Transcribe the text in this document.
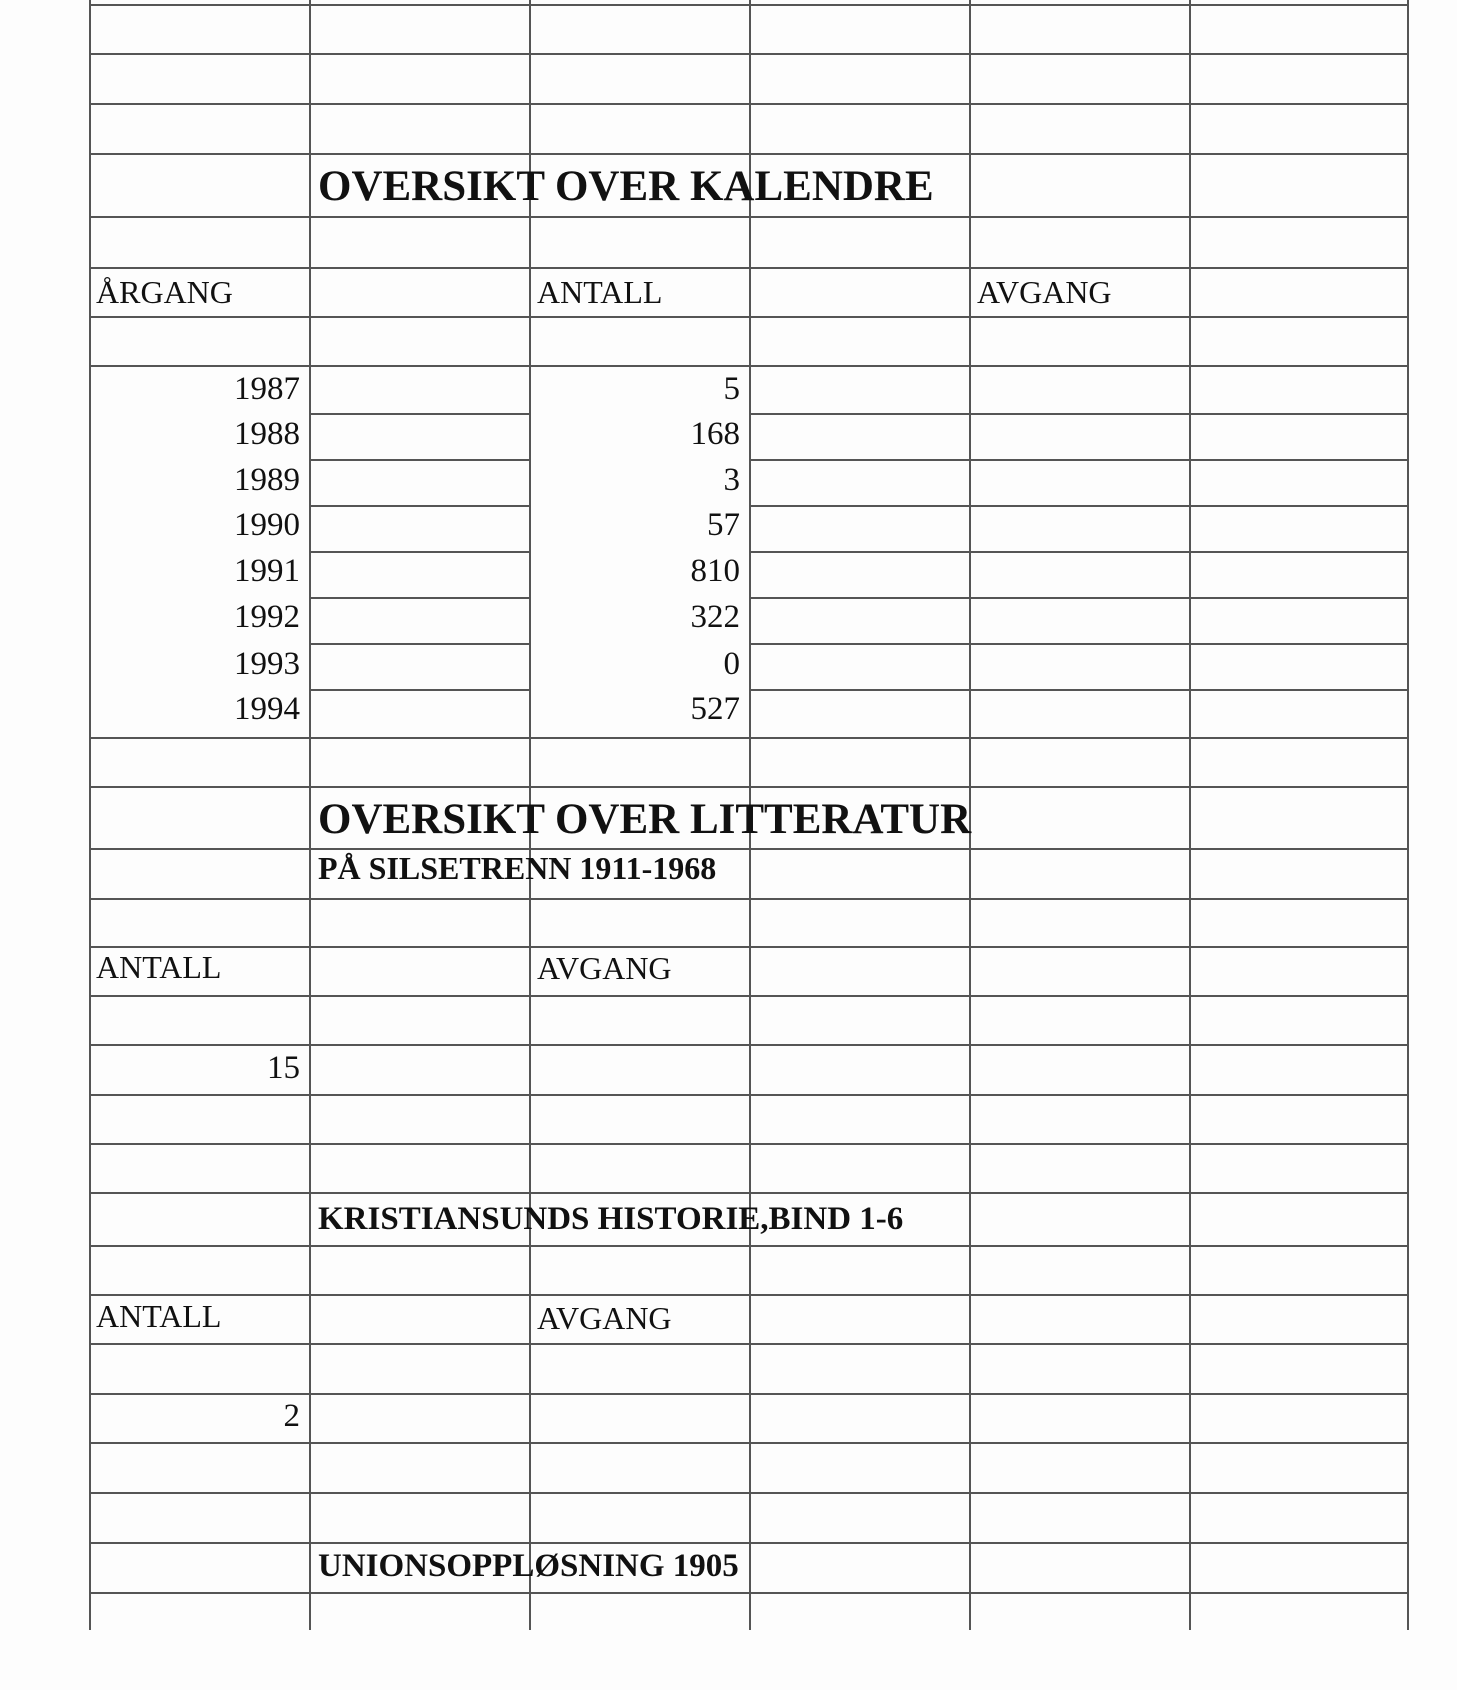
OVERSIKT OVER KALENDRE
ÅRGANG	ANTALL	AVGANG
1987	5
1988	168
1989	3
1990	57
1991	810
1992	322
1993	0
1994	527
OVERSIKT OVER LITTERATUR
PÅ SILSETRENN 1911-1968
ANTALL	AVGANG
15
KRISTIANSUNDS HISTORIE,BIND 1-6
ANTALL	AVGANG
2
UNIONSOPPLØSNING 1905
